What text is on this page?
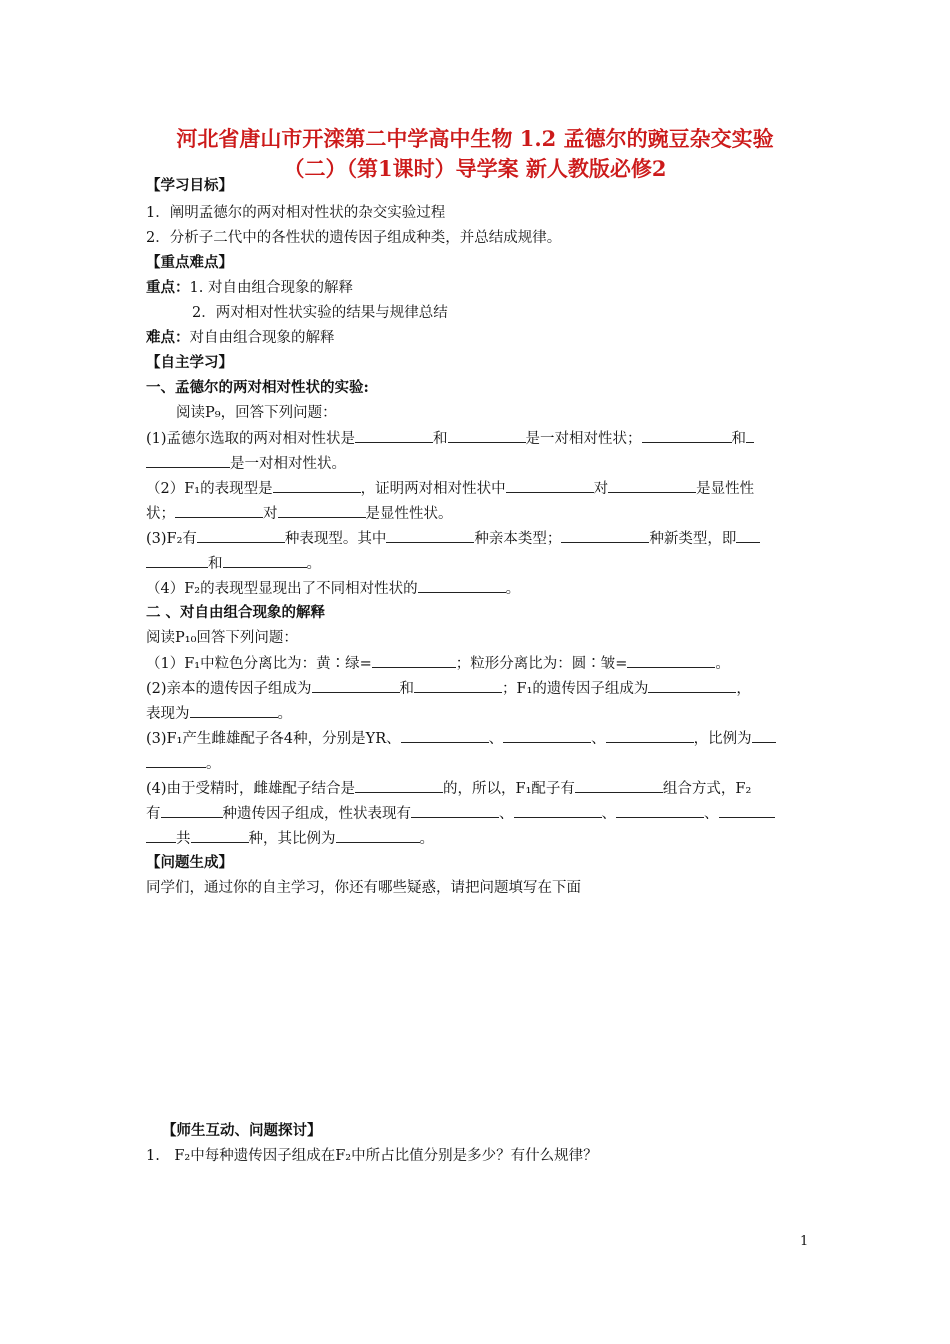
河北省唐山市开滦第二中学高中生物 1.2 孟德尔的豌豆杂交实验
（二）（第1课时）导学案 新人教版必修2
【学习目标】
1．阐明孟德尔的两对相对性状的杂交实验过程
2．分析子二代中的各性状的遗传因子组成种类，并总结成规律。
【重点难点】
重点：1. 对自由组合现象的解释
2．两对相对性状实验的结果与规律总结
难点：对自由组合现象的解释
【自主学习】
一、孟德尔的两对相对性状的实验:
阅读P₉，回答下列问题：
(1)孟德尔选取的两对相对性状是	和	是一对相对性状；	和
是一对相对性状。
（2）F₁的表现型是	，证明两对相对性状中	对	是显性性
状；	对	是显性性状。
(3)F₂有	种表现型。其中	种亲本类型；	种新类型，即
和	。
（4）F₂的表现型显现出了不同相对性状的	。
二 、对自由组合现象的解释
阅读P₁₀回答下列问题：
（1）F₁中粒色分离比为：黄∶绿=	；粒形分离比为：圆∶皱=	。
(2)亲本的遗传因子组成为	和	；F₁的遗传因子组成为	，
表现为	。
(3)F₁产生雌雄配子各4种，分别是YR、	、	、	，比例为
。
(4)由于受精时，雌雄配子结合是	的，所以，F₁配子有	组合方式，F₂
有	种遗传因子组成，性状表现有	、	、	、
共	种，其比例为	。
【问题生成】
同学们，通过你的自主学习，你还有哪些疑惑，请把问题填写在下面
【师生互动、问题探讨】
1.　F₂中每种遗传因子组成在F₂中所占比值分别是多少？有什么规律？
1
